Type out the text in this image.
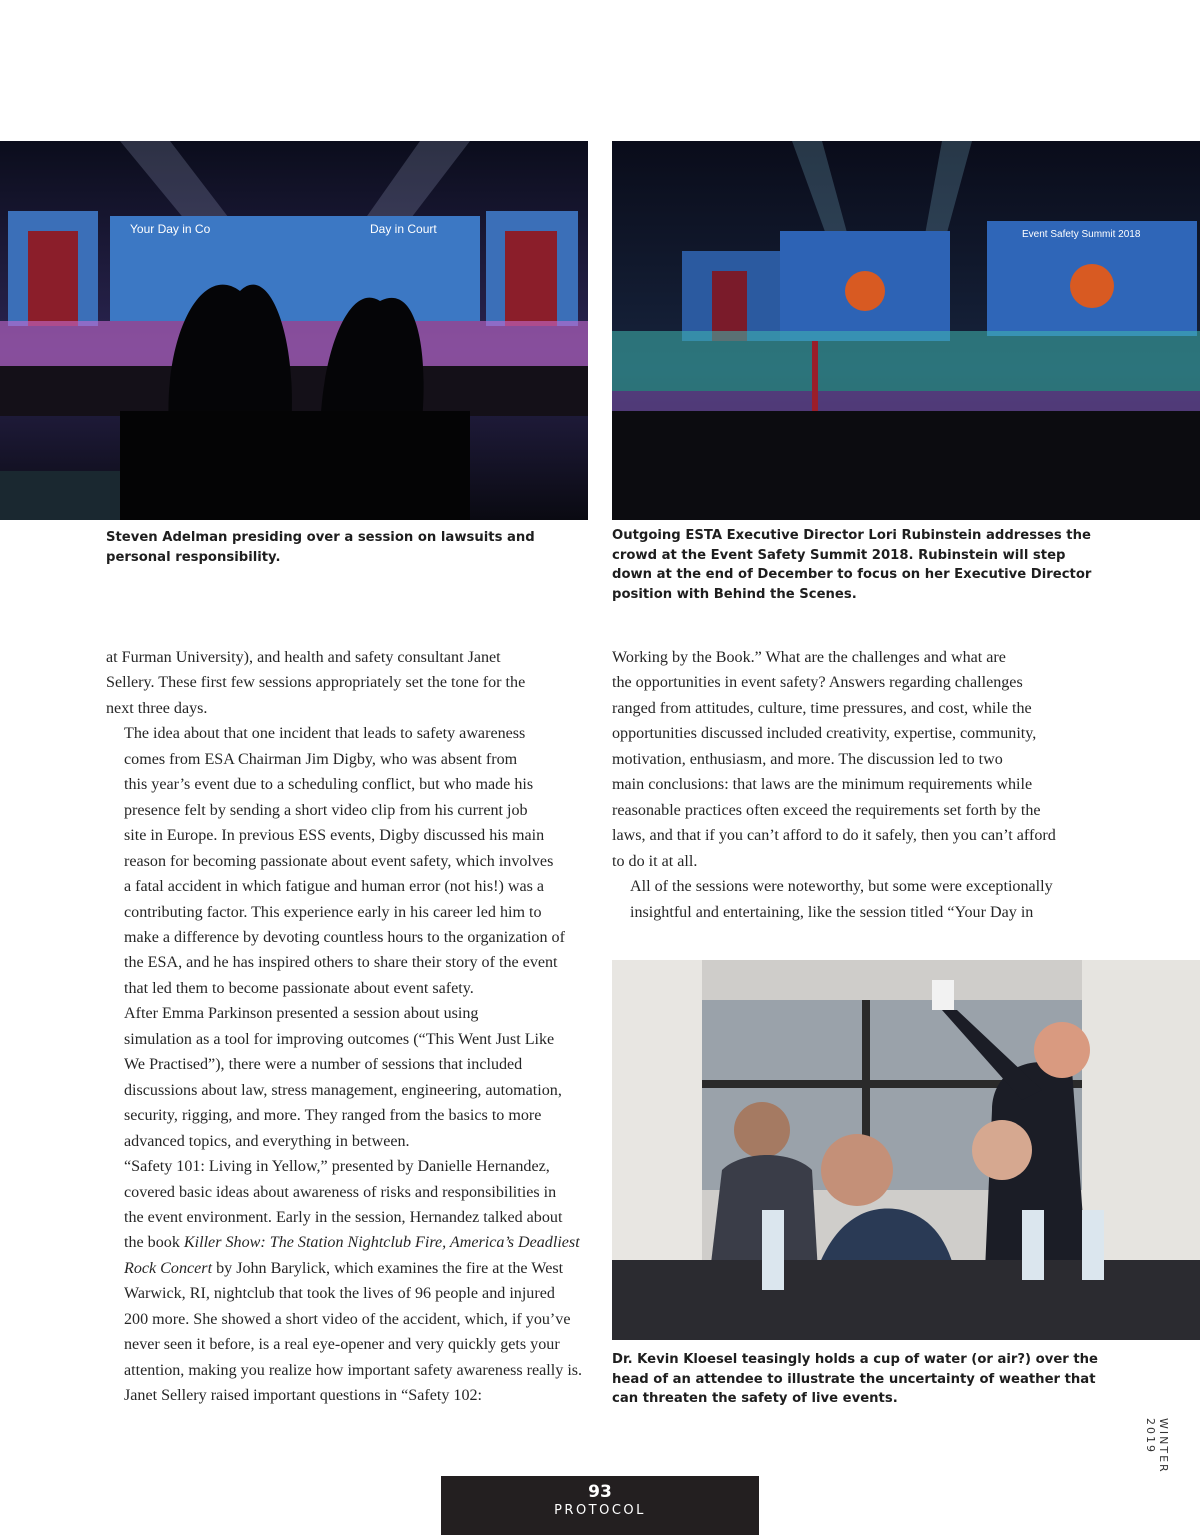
Your Day in Co	Day in Court	Event Safety Summit 2018

Steven Adelman presiding over a session on lawsuits and personal responsibility.

Outgoing ESTA Executive Director Lori Rubinstein addresses the crowd at the Event Safety Summit 2018. Rubinstein will step down at the end of December to focus on her Executive Director position with Behind the Scenes.

Dr. Kevin Kloesel teasingly holds a cup of water (or air?) over the head of an attendee to illustrate the uncertainty of weather that can threaten the safety of live events.

at Furman University), and health and safety consultant Janet
Sellery. These first few sessions appropriately set the tone for the
next three days.

The idea about that one incident that leads to safety awareness
comes from ESA Chairman Jim Digby, who was absent from
this year’s event due to a scheduling conflict, but who made his
presence felt by sending a short video clip from his current job
site in Europe. In previous ESS events, Digby discussed his main
reason for becoming passionate about event safety, which involves
a fatal accident in which fatigue and human error (not his!) was a
contributing factor. This experience early in his career led him to
make a difference by devoting countless hours to the organization of
the ESA, and he has inspired others to share their story of the event
that led them to become passionate about event safety.

After Emma Parkinson presented a session about using
simulation as a tool for improving outcomes (“This Went Just Like
We Practised”), there were a number of sessions that included
discussions about law, stress management, engineering, automation,
security, rigging, and more. They ranged from the basics to more
advanced topics, and everything in between.

“Safety 101: Living in Yellow,” presented by Danielle Hernandez,
covered basic ideas about awareness of risks and responsibilities in
the event environment. Early in the session, Hernandez talked about
the book Killer Show: The Station Nightclub Fire, America’s Deadliest
Rock Concert by John Barylick, which examines the fire at the West
Warwick, RI, nightclub that took the lives of 96 people and injured
200 more. She showed a short video of the accident, which, if you’ve
never seen it before, is a real eye-opener and very quickly gets your
attention, making you realize how important safety awareness really is.

Janet Sellery raised important questions in “Safety 102:

Working by the Book.” What are the challenges and what are
the opportunities in event safety? Answers regarding challenges
ranged from attitudes, culture, time pressures, and cost, while the
opportunities discussed included creativity, expertise, community,
motivation, enthusiasm, and more. The discussion led to two
main conclusions: that laws are the minimum requirements while
reasonable practices often exceed the requirements set forth by the
laws, and that if you can’t afford to do it safely, then you can’t afford
to do it at all.

All of the sessions were noteworthy, but some were exceptionally
insightful and entertaining, like the session titled “Your Day in

WINTER 2019
93
PROTOCOL
